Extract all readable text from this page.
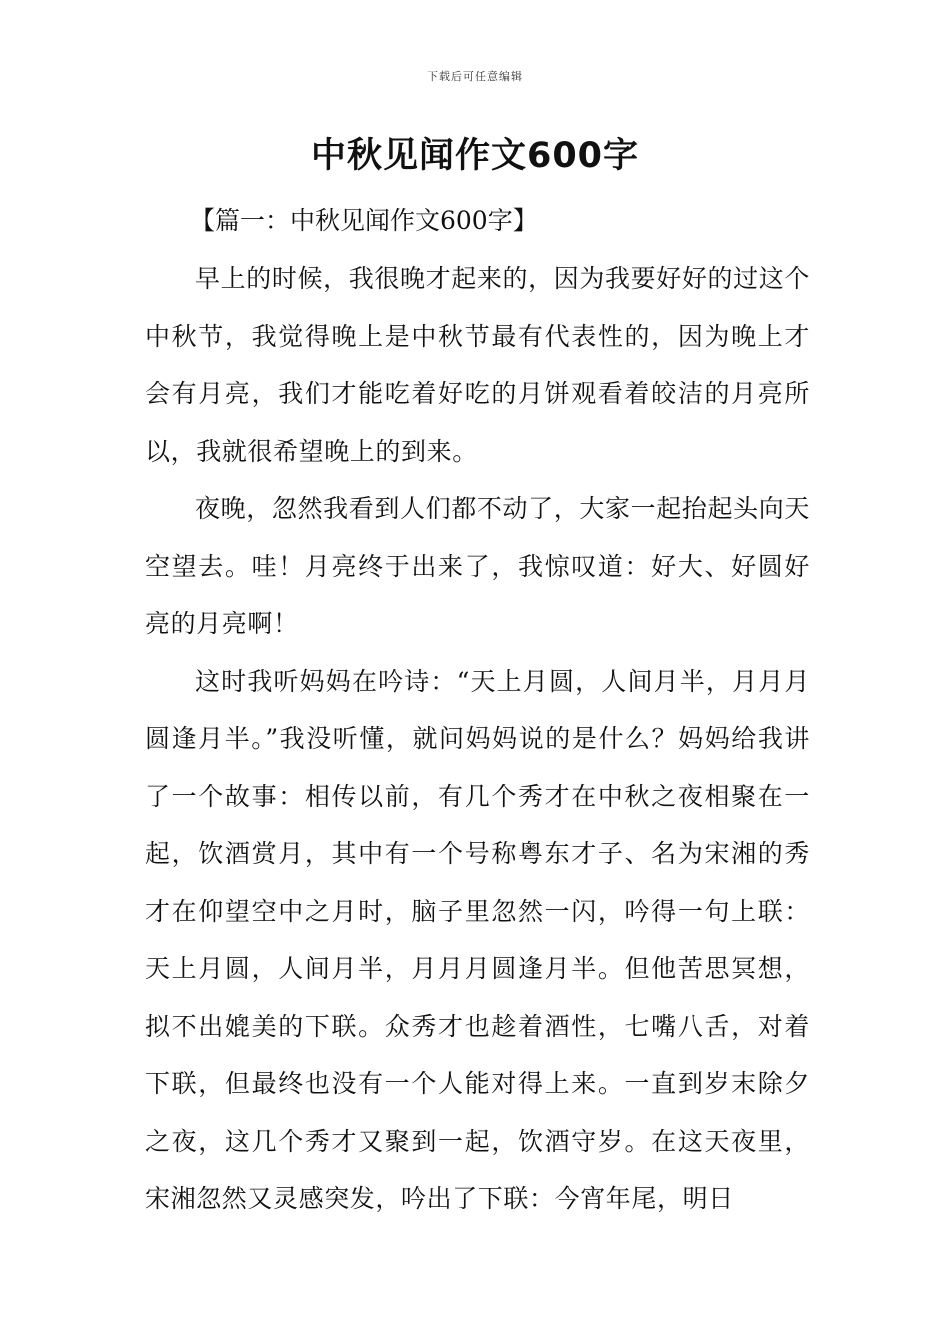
下载后可任意编辑
中秋见闻作文600字

【篇一：中秋见闻作文600字】

早上的时候，我很晚才起来的，因为我要好好的过这个中秋节，我觉得晚上是中秋节最有代表性的，因为晚上才会有月亮，我们才能吃着好吃的月饼观看着皎洁的月亮所以，我就很希望晚上的到来。

夜晚，忽然我看到人们都不动了，大家一起抬起头向天空望去。哇！月亮终于出来了，我惊叹道：好大、好圆好亮的月亮啊！

这时我听妈妈在吟诗：“天上月圆，人间月半，月月月圆逢月半。”我没听懂，就问妈妈说的是什么？妈妈给我讲了一个故事：相传以前，有几个秀才在中秋之夜相聚在一起，饮酒赏月，其中有一个号称粤东才子、名为宋湘的秀才在仰望空中之月时，脑子里忽然一闪，吟得一句上联：天上月圆，人间月半，月月月圆逢月半。但他苦思冥想，拟不出媲美的下联。众秀才也趁着酒性，七嘴八舌，对着下联，但最终也没有一个人能对得上来。一直到岁末除夕之夜，这几个秀才又聚到一起，饮酒守岁。在这天夜里，宋湘忽然又灵感突发，吟出了下联：今宵年尾，明日
